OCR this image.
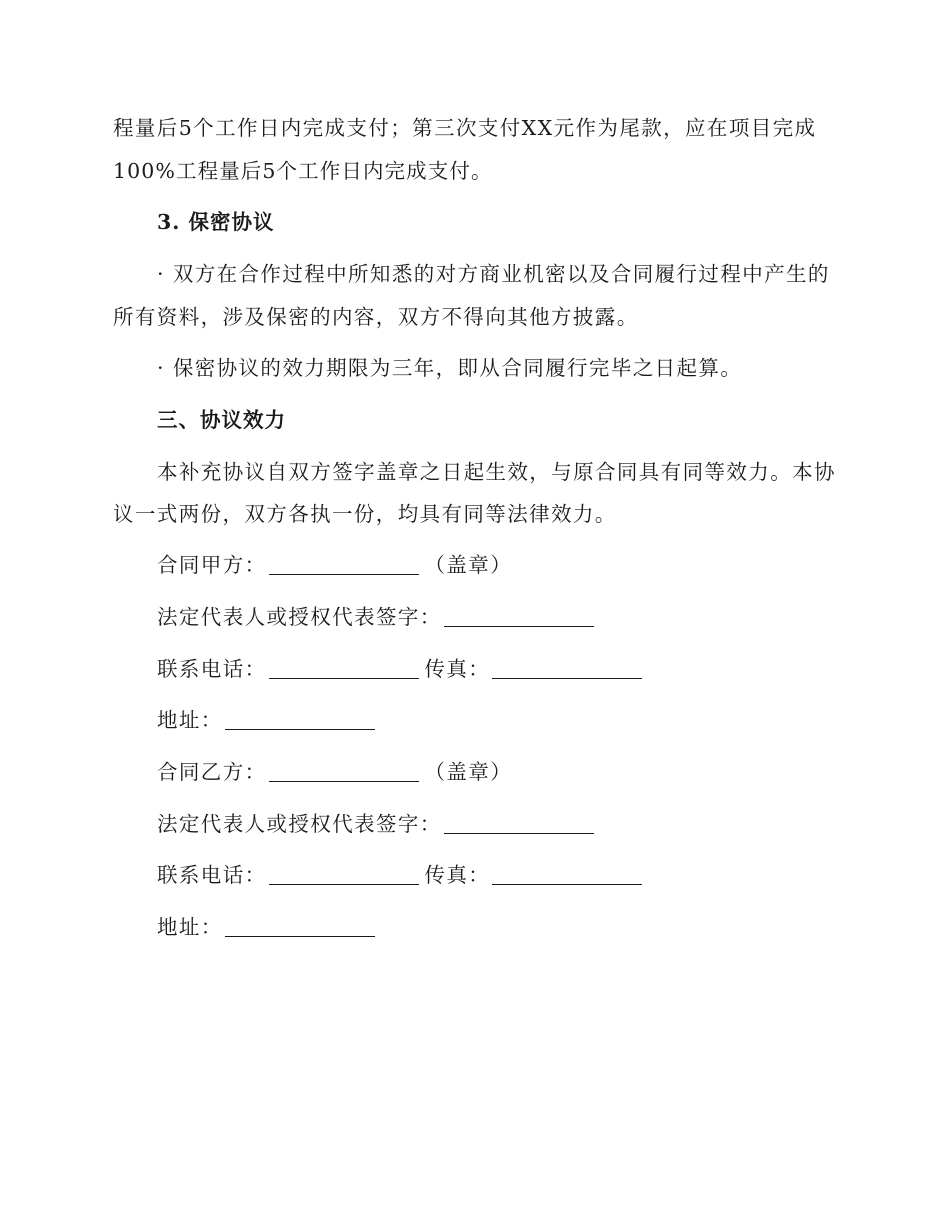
程量后5个工作日内完成支付；第三次支付XX元作为尾款，应在项目完成
100%工程量后5个工作日内完成支付。
3. 保密协议
· 双方在合作过程中所知悉的对方商业机密以及合同履行过程中产生的
所有资料，涉及保密的内容，双方不得向其他方披露。
· 保密协议的效力期限为三年，即从合同履行完毕之日起算。
三、协议效力
本补充协议自双方签字盖章之日起生效，与原合同具有同等效力。本协
议一式两份，双方各执一份，均具有同等法律效力。
合同甲方：	（盖章）
法定代表人或授权代表签字：
联系电话：	传真：
地址：
合同乙方：	（盖章）
法定代表人或授权代表签字：
联系电话：	传真：
地址：
